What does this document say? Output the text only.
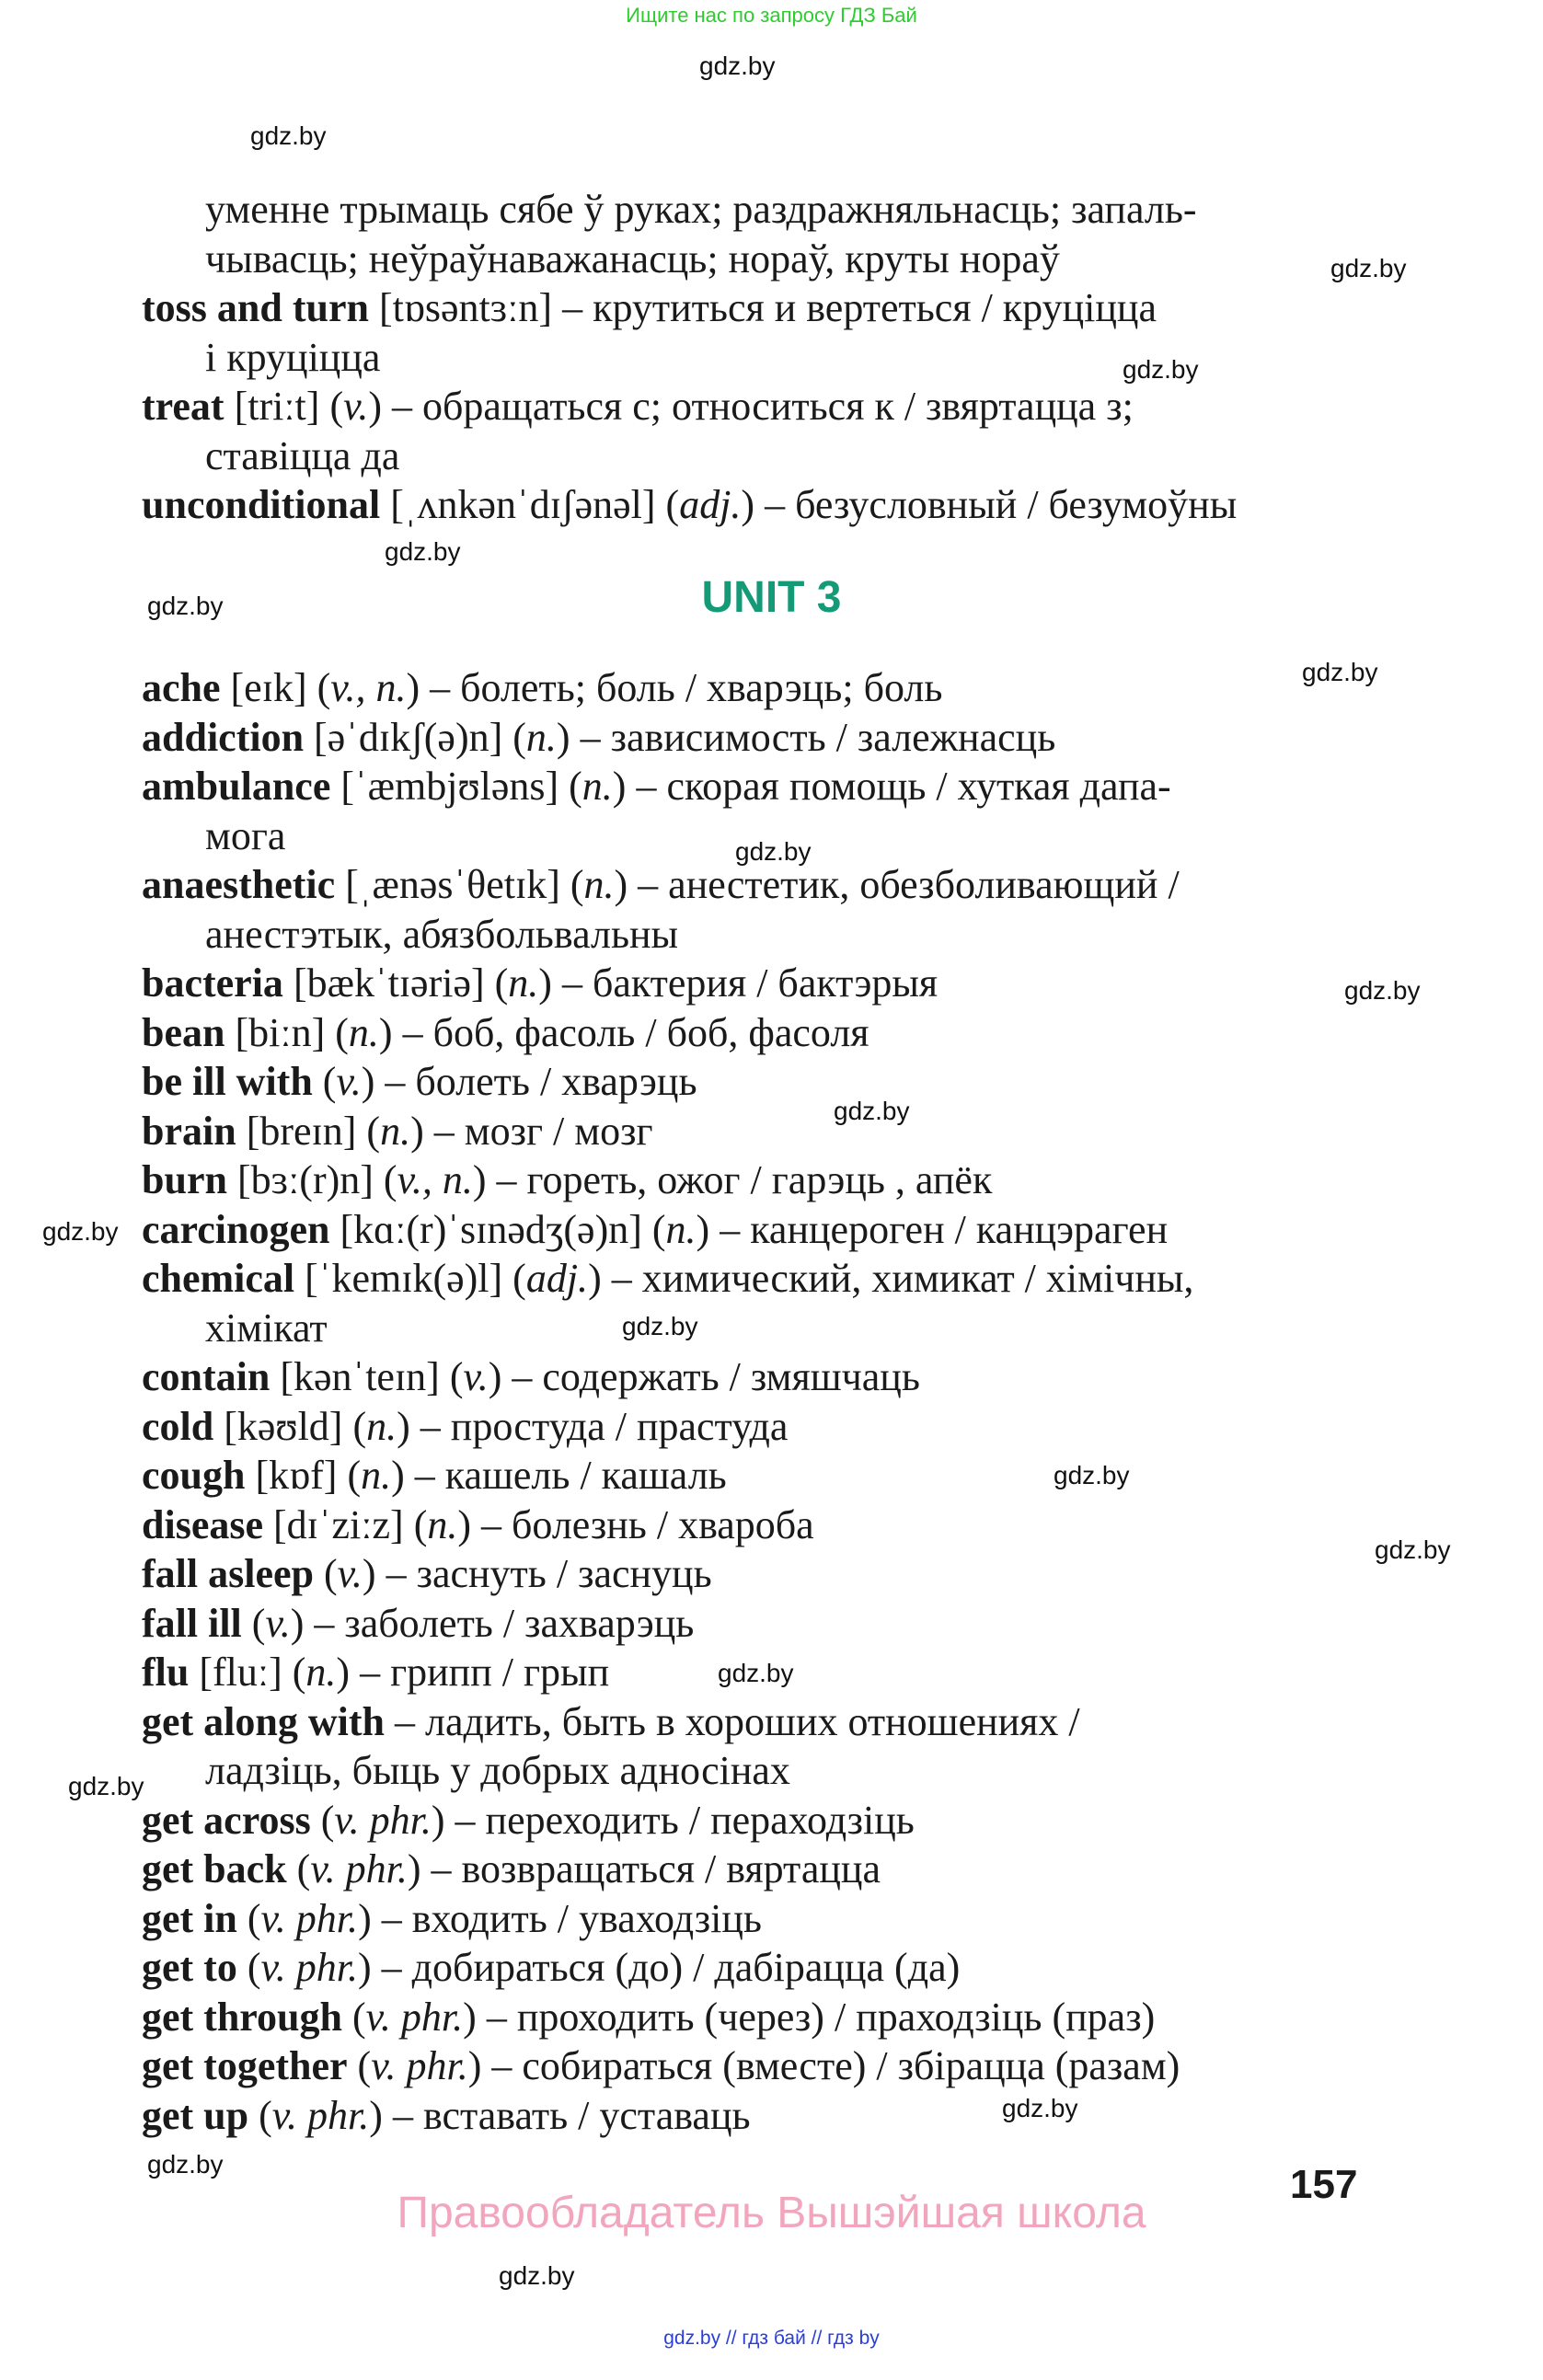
Ищите нас по запросу ГДЗ Бай
gdz.by
gdz.by
gdz.by
gdz.by
gdz.by
gdz.by
gdz.by
gdz.by
gdz.by
gdz.by
gdz.by
gdz.by
gdz.by
gdz.by
gdz.by
gdz.by
gdz.by
gdz.by
gdz.by
уменне трымаць сябе ў руках; раздражняльнасць; запаль-
чывасць; неўраўнаважанасць; нораў, круты нораў
toss and turn [tɒsəntɜːn] – крутиться и вертеться / круціцца
і круціцца
treat [triːt] (v.) – обращаться с; относиться к / звяртацца з;
ставіцца да
unconditional [ˌʌnkənˈdɪʃənəl] (adj.) – безусловный / безумоўны
UNIT 3
ache [eɪk] (v., n.) – болеть; боль / хварэць; боль
addiction [əˈdɪkʃ(ə)n] (n.) – зависимость / залежнасць
ambulance [ˈæmbjʊləns] (n.) – скорая помощь / хуткая дапа-
мога
anaesthetic [ˌænəsˈθetɪk] (n.) – анестетик, обезболивающий /
анестэтык, абязбольвальны
bacteria [bækˈtɪəriə] (n.) – бактерия / бактэрыя
bean [biːn] (n.) – боб, фасоль / боб, фасоля
be ill with (v.) – болеть / хварэць
brain [breɪn] (n.) – мозг / мозг
burn [bɜː(r)n] (v., n.) – гореть, ожог / гарэць , апёк
carcinogen [kɑː(r)ˈsɪnədʒ(ə)n] (n.) – канцероген / канцэраген
chemical [ˈkemɪk(ə)l] (adj.) – химический, химикат / хімічны,
хімікат
contain [kənˈteɪn] (v.) – содержать / змяшчаць
cold [kəʊld] (n.) – простуда / прастуда
cough [kɒf] (n.) – кашель / кашаль
disease [dɪˈziːz] (n.) – болезнь / хвароба
fall asleep (v.) – заснуть / заснуць
fall ill (v.) – заболеть / захварэць
flu [fluː] (n.) – грипп / грып
get along with – ладить, быть в хороших отношениях /
ладзіць, быць у добрых адносінах
get across (v. phr.) – переходить / пераходзіць
get back (v. phr.) – возвращаться / вяртацца
get in (v. phr.) – входить / уваходзіць
get to (v. phr.) – добираться (до) / дабірацца (да)
get through (v. phr.) – проходить (через) / праходзіць (праз)
get together (v. phr.) – собираться (вместе) / збірацца (разам)
get up (v. phr.) – вставать / уставаць
157
Правообладатель Вышэйшая школа
gdz.by // гдз бай // гдз by
